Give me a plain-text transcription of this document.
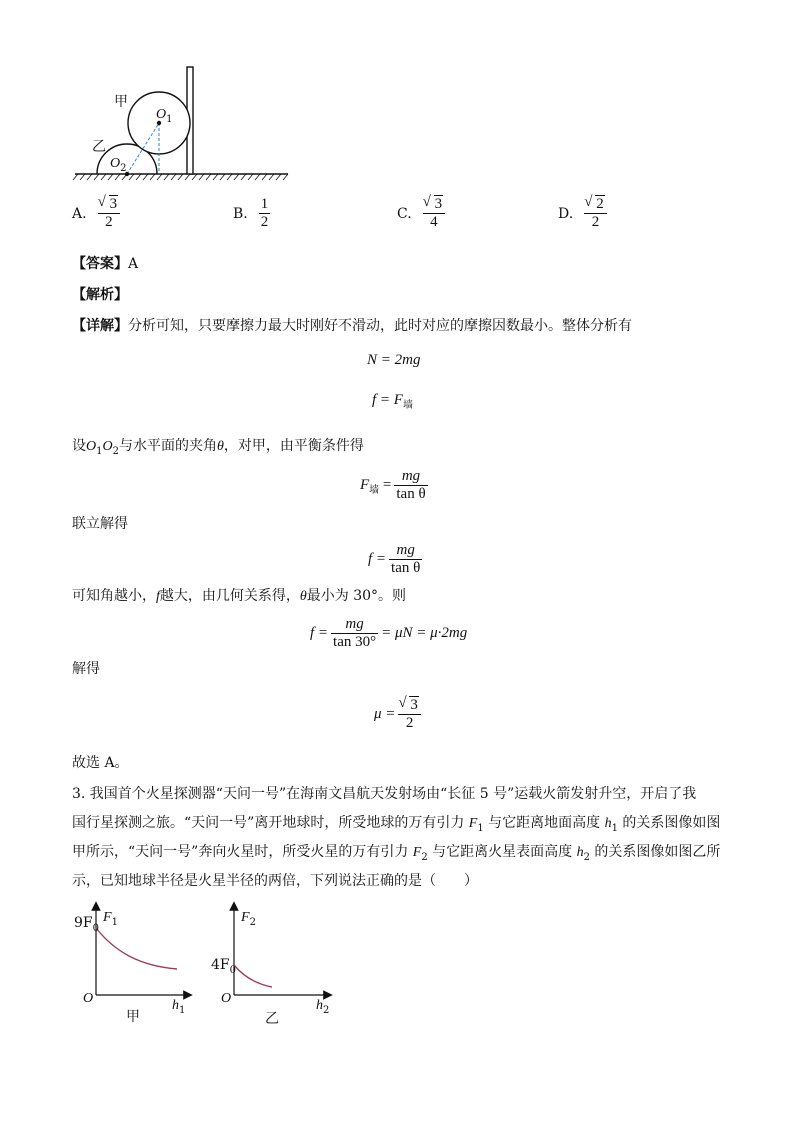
甲
乙
$O_1$
$O_2$
A. √ $\frac{3}{2}$	B. $\frac{1}{2}$	C. √ $\frac{3}{4}$	D. √ $\frac{2}{2}$
【答案】A
【解析】
【详解】分析可知，只要摩擦力最大时刚好不滑动，此时对应的摩擦因数最小。整体分析有
N = 2mg
$f = F_墙$
设$O_1O_2$与水平面的夹角θ，对甲，由平衡条件得
$F_墙 = \frac{mg}{\text{tan θ}}$
联立解得
$f = \frac{mg}{\text{tan θ}}$
可知角越小，f越大，由几何关系得，θ最小为 30°。则
$f = \frac{mg}{\tan 30^\circ} = \mu N = \mu\cdot 2mg$
解得
μ = √ $\frac{3}{2}$
故选 A。
3. 我国首个火星探测器“天问一号”在海南文昌航天发射场由“长征 5 号”运载火箭发射升空，开启了我
国行星探测之旅。“天问一号”离开地球时，所受地球的万有引力 $F_1$ 与它距离地面高度 $h_1$ 的关系图像如图
甲所示，“天问一号”奔向火星时，所受火星的万有引力 $F_2$ 与它距离火星表面高度 $h_2$ 的关系图像如图乙所
示，已知地球半径是火星半径的两倍，下列说法正确的是（　　）
$F_1$
$9F_0$
O	$h_1$
甲
$F_2$
$4F_0$
O	$h_2$
乙
